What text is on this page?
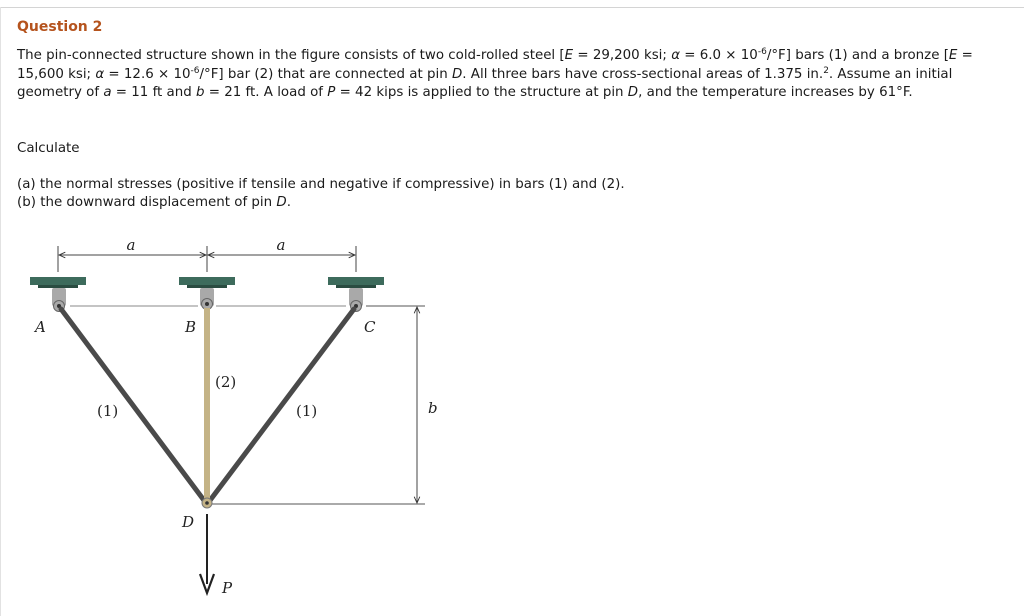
Question 2

The pin-connected structure shown in the figure consists of two cold-rolled steel [E = 29,200 ksi; $\alpha = 6.0 \times 10^{-6}/^\circ F$] bars (1) and a bronze [E = 15,600 ksi; $\alpha = 12.6 \times 10^{-6}/^\circ F$] bar (2) that are connected at pin D. All three bars have cross-sectional areas of 1.375 in.$^2$. Assume an initial geometry of a = 11 ft and b = 21 ft. A load of P = 42 kips is applied to the structure at pin D, and the temperature increases by 61°F.

Calculate
(a) the normal stresses (positive if tensile and negative if compressive) in bars (1) and (2).
(b) the downward displacement of pin D.
a	a
b
A	B	C
D
P
(1)
(2)
(1)
